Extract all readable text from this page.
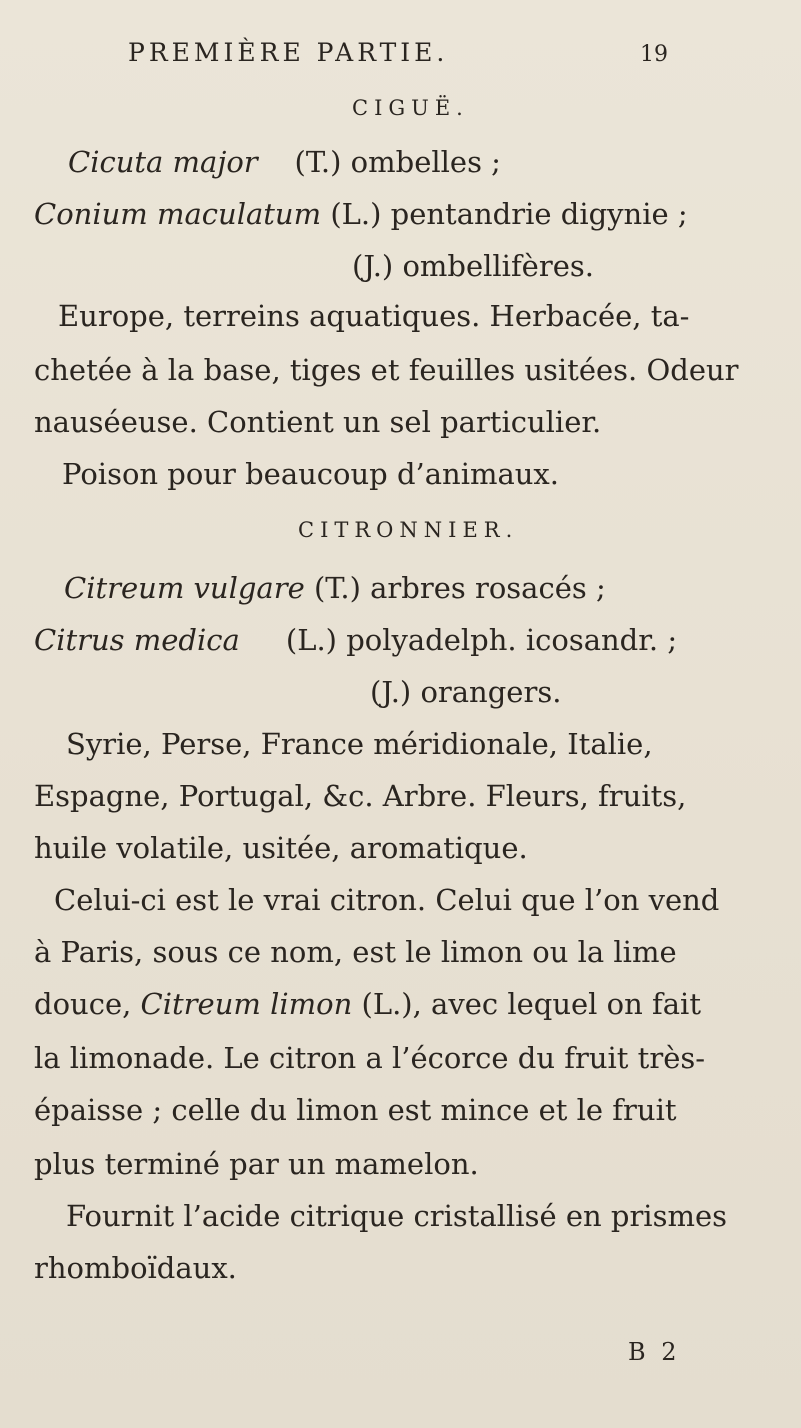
PREMIÈRE PARTIE.	19
CIGUË.
Cicuta major    (T.) ombelles ;
Conium maculatum (L.) pentandrie digynie ;
(J.) ombellifères.
Europe, terreins aquatiques. Herbacée, ta-
chetée à la base, tiges et feuilles usitées. Odeur
nauséeuse. Contient un sel particulier.
Poison pour beaucoup d’animaux.
CITRONNIER.
Citreum vulgare (T.) arbres rosacés ;
Citrus medica     (L.) polyadelph. icosandr. ;
(J.) orangers.
Syrie, Perse, France méridionale, Italie,
Espagne, Portugal, &c. Arbre. Fleurs, fruits,
huile volatile, usitée, aromatique.
Celui-ci est le vrai citron. Celui que l’on vend
à Paris, sous ce nom, est le limon ou la lime
douce, Citreum limon (L.), avec lequel on fait
la limonade. Le citron a l’écorce du fruit très-
épaisse ; celle du limon est mince et le fruit
plus terminé par un mamelon.
Fournit l’acide citrique cristallisé en prismes
rhomboïdaux.
B 2
